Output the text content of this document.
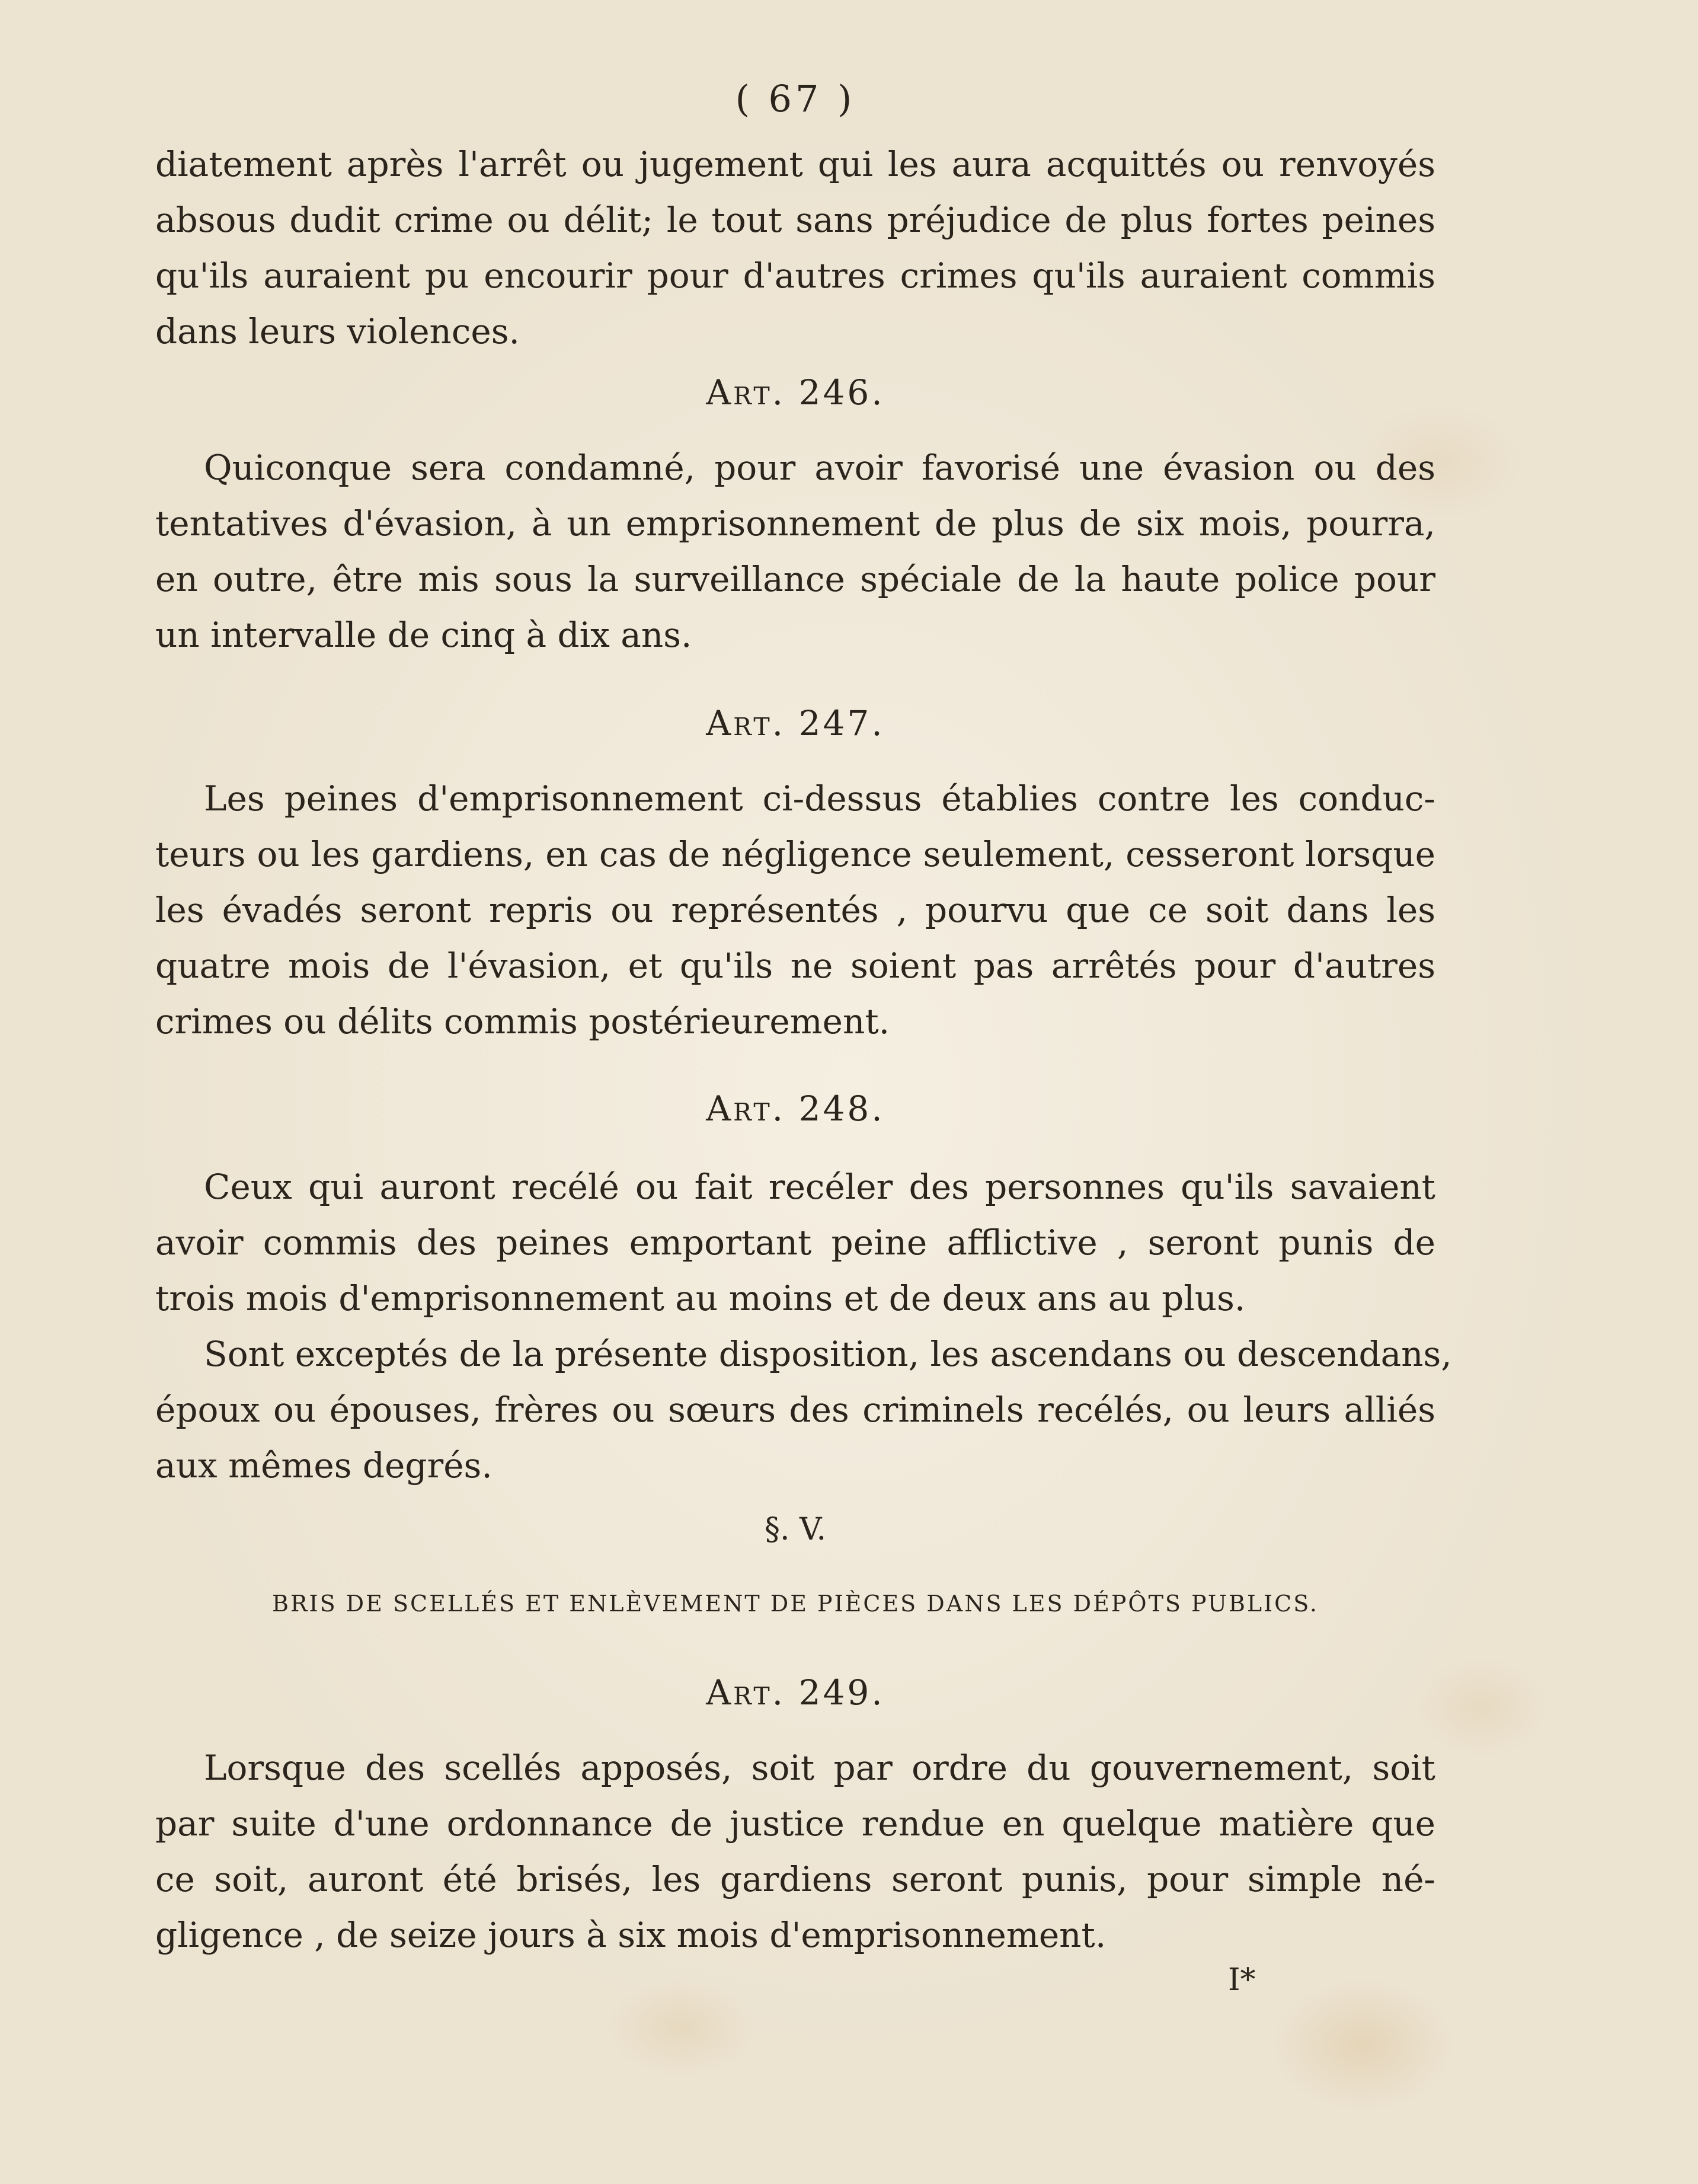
( 67 )
diatement après l'arrêt ou jugement qui les aura acquittés ou renvoyés
absous dudit crime ou délit; le tout sans préjudice de plus fortes peines
qu'ils auraient pu encourir pour d'autres crimes qu'ils auraient commis
dans leurs violences.
Art. 246.
Quiconque sera condamné, pour avoir favorisé une évasion ou des
tentatives d'évasion, à un emprisonnement de plus de six mois, pourra,
en outre, être mis sous la surveillance spéciale de la haute police pour
un intervalle de cinq à dix ans.
Art. 247.
Les peines d'emprisonnement ci-dessus établies contre les conduc-
teurs ou les gardiens, en cas de négligence seulement, cesseront lorsque
les évadés seront repris ou représentés , pourvu que ce soit dans les
quatre mois de l'évasion, et qu'ils ne soient pas arrêtés pour d'autres
crimes ou délits commis postérieurement.
Art. 248.
Ceux qui auront recélé ou fait recéler des personnes qu'ils savaient
avoir commis des peines emportant peine afflictive , seront punis de
trois mois d'emprisonnement au moins et de deux ans au plus.
Sont exceptés de la présente disposition, les ascendans ou descendans,
époux ou épouses, frères ou sœurs des criminels recélés, ou leurs alliés
aux mêmes degrés.
§. V.
BRIS DE SCELLÉS ET ENLÈVEMENT DE PIÈCES DANS LES DÉPÔTS PUBLICS.
Art. 249.
Lorsque des scellés apposés, soit par ordre du gouvernement, soit
par suite d'une ordonnance de justice rendue en quelque matière que
ce soit, auront été brisés, les gardiens seront punis, pour simple né-
gligence , de seize jours à six mois d'emprisonnement.
I*
